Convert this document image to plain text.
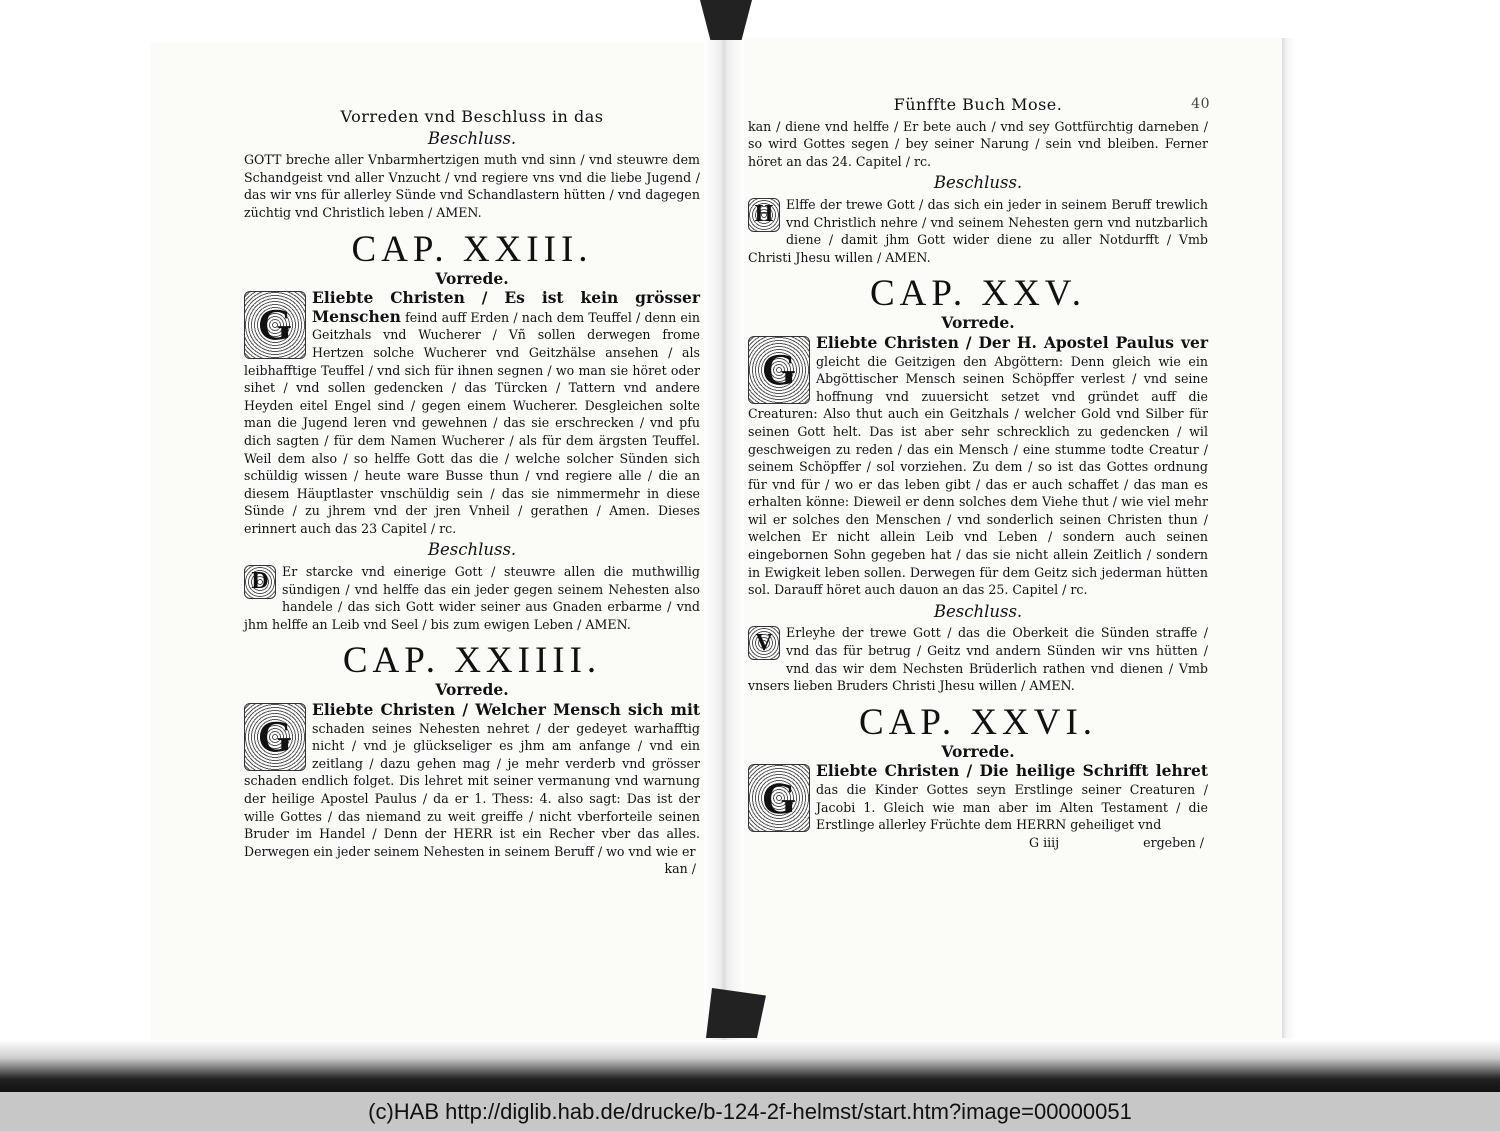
Vorreden vnd Beschluss in das
Beschluss.

GOTT breche aller Vnbarmhertzigen muth vnd sinn / vnd steuwre dem Schandgeist vnd aller Vnzucht / vnd regiere vns vnd die liebe Jugend / das wir vns für allerley Sünde vnd Schandlastern hütten / vnd dagegen züchtig vnd Christlich leben / AMEN.

CAP. XXIII.
Vorrede.
G
Eliebte Christen / Es ist kein grösser Menschen feind auff Erden / nach dem Teuffel / denn ein Geitzhals vnd Wucherer / Vñ sollen derwegen frome Hertzen solche Wucherer vnd Geitzhälse ansehen / als leibhafftige Teuffel / vnd sich für ihnen segnen / wo man sie höret oder sihet / vnd sollen gedencken / das Türcken / Tattern vnd andere Heyden eitel Engel sind / gegen einem Wucherer. Desgleichen solte man die Jugend leren vnd gewehnen / das sie erschrecken / vnd pfu dich sagten / für dem Namen Wucherer / als für dem ärgsten Teuffel. Weil dem also / so helffe Gott das die / welche solcher Sünden sich schüldig wissen / heute ware Busse thun / vnd regiere alle / die an diesem Häuptlaster vnschüldig sein / das sie nimmermehr in diese Sünde / zu jhrem vnd der jren Vnheil / gerathen / Amen. Dieses erinnert auch das 23 Capitel / rc.
Beschluss.
D	Er starcke vnd einerige Gott / steuwre allen die muthwillig sündigen / vnd helffe das ein jeder gegen seinem Nehesten also handele / das sich Gott wider seiner aus Gnaden erbarme / vnd jhm helffe an Leib vnd Seel / bis zum ewigen Leben / AMEN.
CAP. XXIIII.
Vorrede.
G
Eliebte Christen / Welcher Mensch sich mit schaden seines Nehesten nehret / der gedeyet warhafftig nicht / vnd je glückseliger es jhm am anfange / vnd ein zeitlang / dazu gehen mag / je mehr verderb vnd grösser schaden endlich folget. Dis lehret mit seiner vermanung vnd warnung der heilige Apostel Paulus / da er 1. Thess: 4. also sagt: Das ist der wille Gottes / das niemand zu weit greiffe / nicht vberforteile seinen Bruder im Handel / Denn der HERR ist ein Recher vber das alles. Derwegen ein jeder seinem Nehesten in seinem Beruff / wo vnd wie er
kan /
Fünffte Buch Mose.	40

kan / diene vnd helffe / Er bete auch / vnd sey Gottfürchtig darneben / so wird Gottes segen / bey seiner Narung / sein vnd bleiben. Ferner höret an das 24. Capitel / rc.

Beschluss.
H	Elffe der trewe Gott / das sich ein jeder in seinem Beruff trewlich vnd Christlich nehre / vnd seinem Nehesten gern vnd nutzbarlich diene / damit jhm Gott wider diene zu aller Notdurfft / Vmb Christi Jhesu willen / AMEN.
CAP. XXV.
Vorrede.
G
Eliebte Christen / Der H. Apostel Paulus ver gleicht die Geitzigen den Abgöttern: Denn gleich wie ein Abgöttischer Mensch seinen Schöpffer verlest / vnd seine hoffnung vnd zuuersicht setzet vnd gründet auff die Creaturen: Also thut auch ein Geitzhals / welcher Gold vnd Silber für seinen Gott helt. Das ist aber sehr schrecklich zu gedencken / wil geschweigen zu reden / das ein Mensch / eine stumme todte Creatur / seinem Schöpffer / sol vorziehen. Zu dem / so ist das Gottes ordnung für vnd für / wo er das leben gibt / das er auch schaffet / das man es erhalten könne: Dieweil er denn solches dem Viehe thut / wie viel mehr wil er solches den Menschen / vnd sonderlich seinen Christen thun / welchen Er nicht allein Leib vnd Leben / sondern auch seinen eingebornen Sohn gegeben hat / das sie nicht allein Zeitlich / sondern in Ewigkeit leben sollen. Derwegen für dem Geitz sich jederman hütten sol. Darauff höret auch dauon an das 25. Capitel / rc.
Beschluss.
V	Erleyhe der trewe Gott / das die Oberkeit die Sünden straffe / vnd das für betrug / Geitz vnd andern Sünden wir vns hütten / vnd das wir dem Nechsten Brüderlich rathen vnd dienen / Vmb vnsers lieben Bruders Christi Jhesu willen / AMEN.
CAP. XXVI.
Vorrede.
G
Eliebte Christen / Die heilige Schrifft lehret das die Kinder Gottes seyn Erstlinge seiner Creaturen / Jacobi 1. Gleich wie man aber im Alten Testament / die Erstlinge allerley Früchte dem HERRN geheiliget vnd
G iiij	ergeben /
(c)HAB http://diglib.hab.de/drucke/b-124-2f-helmst/start.htm?image=00000051
